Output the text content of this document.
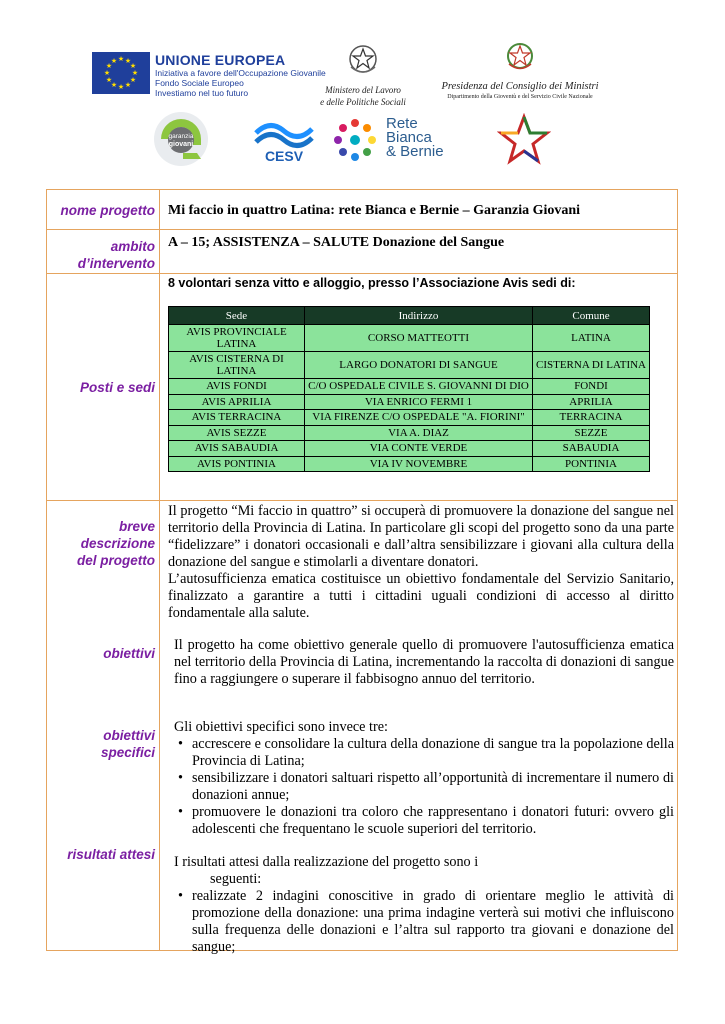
★ ★
★
★
★
★
★
★
★
★
★
★	UNIONE EUROPEA
Iniziativa a favore dell'Occupazione Giovanile
Fondo Sociale Europeo
Investiamo nel tuo futuro	Ministero del Lavoro
e delle Politiche Sociali
Presidenza del Consiglio dei Ministri
Dipartimento della Gioventù e del Servizio Civile Nazionale
garanzia
giovani
CESV
Rete
Bianca
& Bernie
nome progetto Mi faccio in quattro Latina: rete Bianca e Bernie – Garanzia Giovani
ambito
d’intervento
A – 15; ASSISTENZA – SALUTE Donazione del Sangue
Posti e sedi
8 volontari senza vitto e alloggio, presso l’Associazione Avis sedi di:
Sede	Indirizzo	Comune
AVIS PROVINCIALE LATINA	CORSO MATTEOTTI	LATINA
AVIS CISTERNA DI LATINA	LARGO DONATORI DI SANGUE	CISTERNA DI LATINA
AVIS FONDI	C/O OSPEDALE CIVILE S. GIOVANNI DI DIO	FONDI
AVIS APRILIA	VIA ENRICO FERMI 1	APRILIA
AVIS TERRACINA	VIA FIRENZE C/O OSPEDALE "A. FIORINI"	TERRACINA
AVIS SEZZE	VIA A. DIAZ	SEZZE
AVIS SABAUDIA	VIA CONTE VERDE	SABAUDIA
AVIS PONTINIA	VIA IV NOVEMBRE	PONTINIA
breve
descrizione
del progetto
Il progetto “Mi faccio in quattro” si occuperà di promuovere la donazione del sangue nel territorio della Provincia di Latina. In particolare gli scopi del progetto sono da una parte “fidelizzare” i donatori occasionali e dall’altra sensibilizzare i giovani alla cultura della donazione del sangue e stimolarli a diventare donatori.
L’autosufficienza ematica costituisce un obiettivo fondamentale del Servizio Sanitario, finalizzato a garantire a tutti i cittadini uguali condizioni di accesso al diritto fondamentale alla salute.
obiettivi
Il progetto ha come obiettivo generale quello di promuovere l'autosufficienza ematica nel territorio della Provincia di Latina, incrementando la raccolta di donazioni di sangue fino a raggiungere o superare il fabbisogno annuo del territorio.
obiettivi
specifici
Gli obiettivi specifici sono invece tre:
• accrescere e consolidare la cultura della donazione di sangue tra la popolazione della Provincia di Latina;
• sensibilizzare i donatori saltuari rispetto all’opportunità di incrementare il numero di donazioni annue;
• promuovere le donazioni tra coloro che rappresentano i donatori futuri: ovvero gli adolescenti che frequentano le scuole superiori del territorio.
risultati attesi I risultati attesi dalla realizzazione del progetto sono i
seguenti:
• realizzate 2 indagini conoscitive in grado di orientare meglio le attività di promozione della donazione: una prima indagine verterà sui motivi che influiscono sulla frequenza delle donazioni e l’altra sul rapporto tra giovani e donazione del sangue;
